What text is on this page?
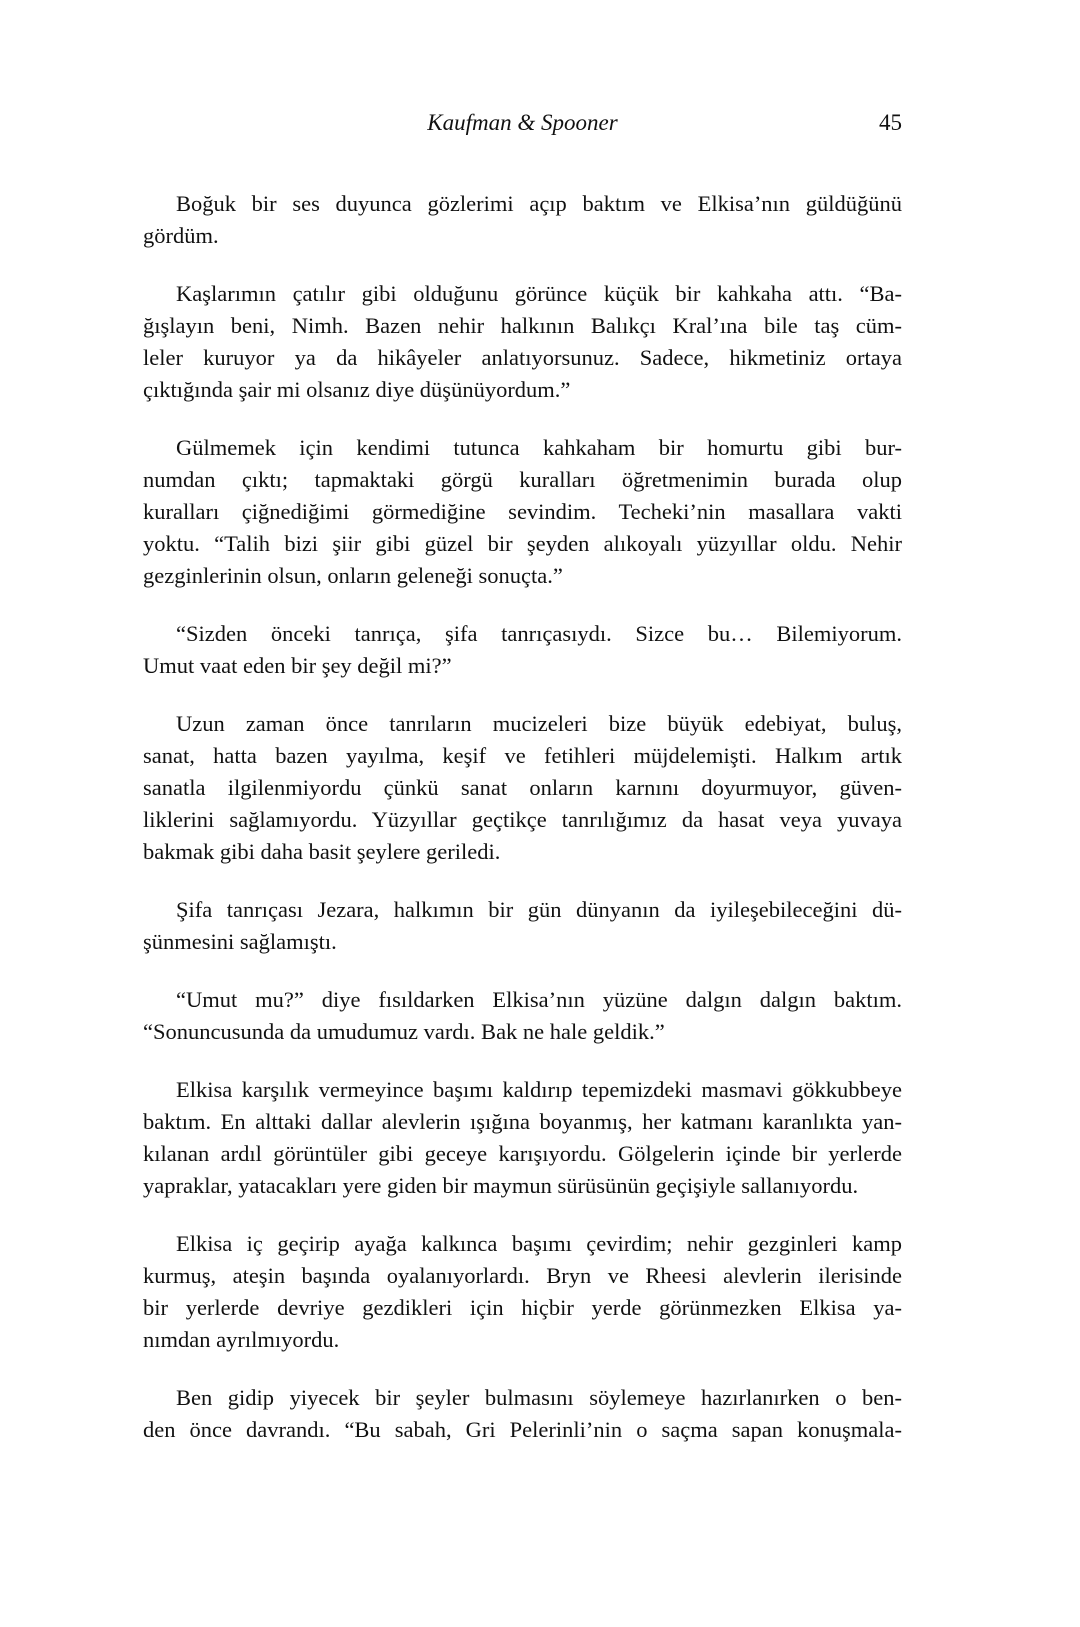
Kaufman & Spooner	45
Boğuk bir ses duyunca gözlerimi açıp baktım ve Elkisa’nın güldüğünü
gördüm.
Kaşlarımın çatılır gibi olduğunu görünce küçük bir kahkaha attı. “Ba-
ğışlayın beni, Nimh. Bazen nehir halkının Balıkçı Kral’ına bile taş cüm-
leler kuruyor ya da hikâyeler anlatıyorsunuz. Sadece, hikmetiniz ortaya
çıktığında şair mi olsanız diye düşünüyordum.”
Gülmemek için kendimi tutunca kahkaham bir homurtu gibi bur-
numdan çıktı; tapmaktaki görgü kuralları öğretmenimin burada olup
kuralları çiğnediğimi görmediğine sevindim. Techeki’nin masallara vakti
yoktu. “Talih bizi şiir gibi güzel bir şeyden alıkoyalı yüzyıllar oldu. Nehir
gezginlerinin olsun, onların geleneği sonuçta.”
“Sizden önceki tanrıça, şifa tanrıçasıydı. Sizce bu… Bilemiyorum.
Umut vaat eden bir şey değil mi?”
Uzun zaman önce tanrıların mucizeleri bize büyük edebiyat, buluş,
sanat, hatta bazen yayılma, keşif ve fetihleri müjdelemişti. Halkım artık
sanatla ilgilenmiyordu çünkü sanat onların karnını doyurmuyor, güven-
liklerini sağlamıyordu. Yüzyıllar geçtikçe tanrılığımız da hasat veya yuvaya
bakmak gibi daha basit şeylere geriledi.
Şifa tanrıçası Jezara, halkımın bir gün dünyanın da iyileşebileceğini dü-
şünmesini sağlamıştı.
“Umut mu?” diye fısıldarken Elkisa’nın yüzüne dalgın dalgın baktım.
“Sonuncusunda da umudumuz vardı. Bak ne hale geldik.”
Elkisa karşılık vermeyince başımı kaldırıp tepemizdeki masmavi gökkubbeye
baktım. En alttaki dallar alevlerin ışığına boyanmış, her katmanı karanlıkta yan-
kılanan ardıl görüntüler gibi geceye karışıyordu. Gölgelerin içinde bir yerlerde
yapraklar, yatacakları yere giden bir maymun sürüsünün geçişiyle sallanıyordu.
Elkisa iç geçirip ayağa kalkınca başımı çevirdim; nehir gezginleri kamp
kurmuş, ateşin başında oyalanıyorlardı. Bryn ve Rheesi alevlerin ilerisinde
bir yerlerde devriye gezdikleri için hiçbir yerde görünmezken Elkisa ya-
nımdan ayrılmıyordu.
Ben gidip yiyecek bir şeyler bulmasını söylemeye hazırlanırken o ben-
den önce davrandı. “Bu sabah, Gri Pelerinli’nin o saçma sapan konuşmala-
